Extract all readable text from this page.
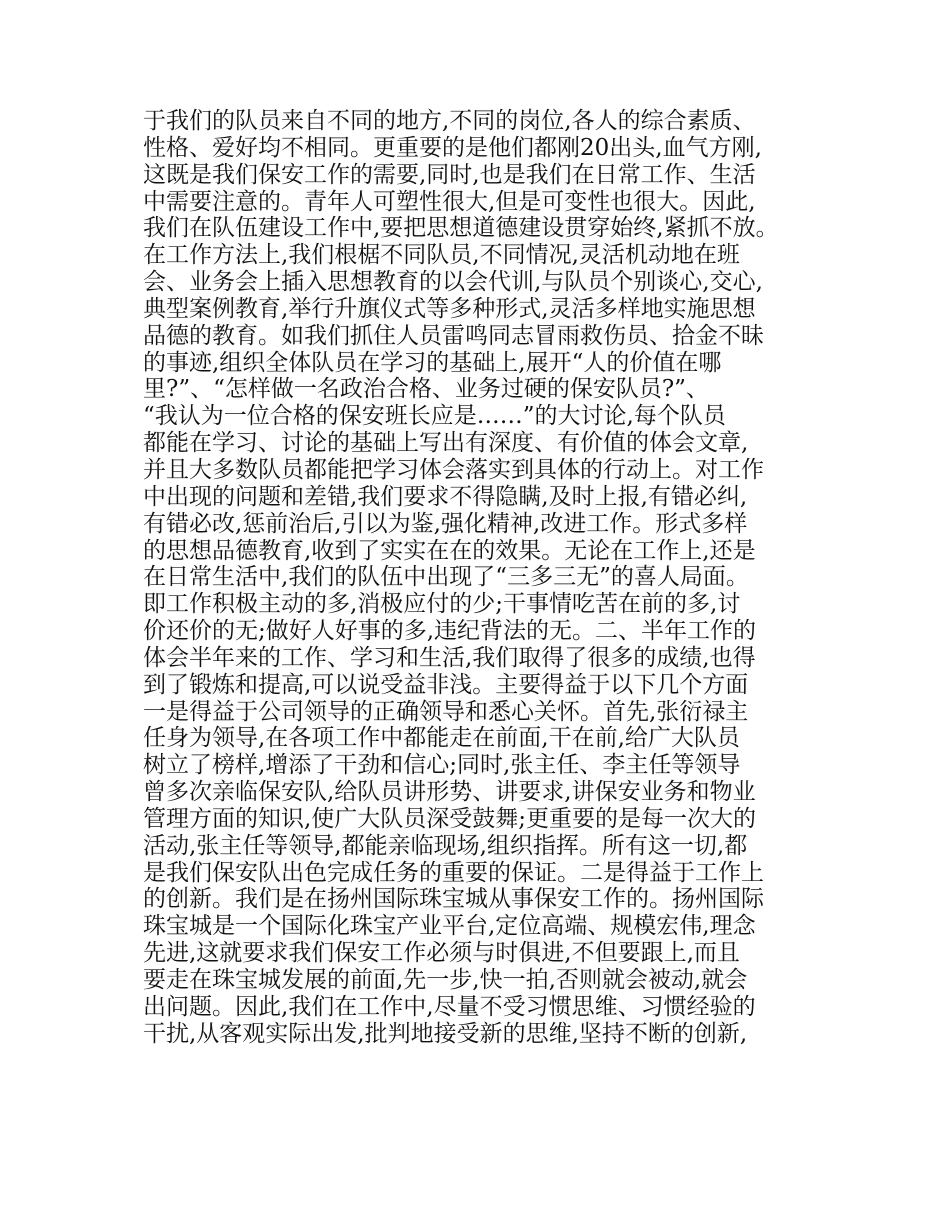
于我们的队员来自不同的地方,不同的岗位,各人的综合素质、
性格、爱好均不相同。更重要的是他们都刚20出头,血气方刚,
这既是我们保安工作的需要,同时,也是我们在日常工作、生活
中需要注意的。青年人可塑性很大,但是可变性也很大。因此,
我们在队伍建设工作中,要把思想道德建设贯穿始终,紧抓不放。
在工作方法上,我们根椐不同队员,不同情况,灵活机动地在班
会、业务会上插入思想教育的以会代训,与队员个别谈心,交心,
典型案例教育,举行升旗仪式等多种形式,灵活多样地实施思想
品德的教育。如我们抓住人员雷鸣同志冒雨救伤员、拾金不昧
的事迹,组织全体队员在学习的基础上,展开“人的价值在哪
里?”、“怎样做一名政治合格、业务过硬的保安队员?”、
“我认为一位合格的保安班长应是……”的大讨论,每个队员
都能在学习、讨论的基础上写出有深度、有价值的体会文章,
并且大多数队员都能把学习体会落实到具体的行动上。对工作
中出现的问题和差错,我们要求不得隐瞒,及时上报,有错必纠,
有错必改,惩前治后,引以为鉴,强化精神,改进工作。形式多样
的思想品德教育,收到了实实在在的效果。无论在工作上,还是
在日常生活中,我们的队伍中出现了“三多三无”的喜人局面。
即工作积极主动的多,消极应付的少;干事情吃苦在前的多,讨
价还价的无;做好人好事的多,违纪背法的无。二、半年工作的
体会半年来的工作、学习和生活,我们取得了很多的成绩,也得
到了锻炼和提高,可以说受益非浅。主要得益于以下几个方面
一是得益于公司领导的正确领导和悉心关怀。首先,张衍禄主
任身为领导,在各项工作中都能走在前面,干在前,给广大队员
树立了榜样,增添了干劲和信心;同时,张主任、李主任等领导
曾多次亲临保安队,给队员讲形势、讲要求,讲保安业务和物业
管理方面的知识,使广大队员深受鼓舞;更重要的是每一次大的
活动,张主任等领导,都能亲临现场,组织指挥。所有这一切,都
是我们保安队出色完成任务的重要的保证。二是得益于工作上
的创新。我们是在扬州国际珠宝城从事保安工作的。扬州国际
珠宝城是一个国际化珠宝产业平台,定位高端、规模宏伟,理念
先进,这就要求我们保安工作必须与时俱进,不但要跟上,而且
要走在珠宝城发展的前面,先一步,快一拍,否则就会被动,就会
出问题。因此,我们在工作中,尽量不受习惯思维、习惯经验的
干扰,从客观实际出发,批判地接受新的思维,坚持不断的创新,
